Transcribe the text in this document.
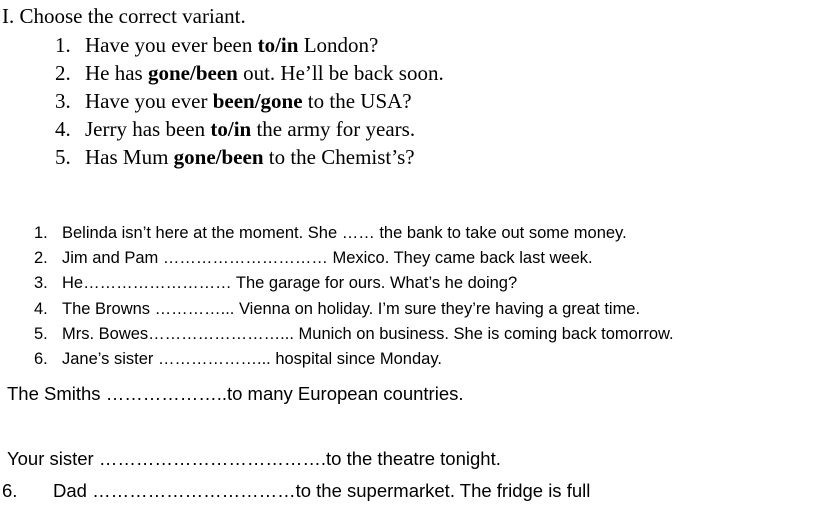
I. Choose the correct variant.
1. Have you ever been to/in London?
2. He has gone/been out. He’ll be back soon.
3. Have you ever been/gone to the USA?
4. Jerry has been to/in the army for years.
5. Has Mum gone/been to the Chemist’s?
1. Belinda isn’t here at the moment. She …… the bank to take out some money.
2. Jim and Pam ………………………… Mexico. They came back last week.
3. He……………………… The garage for ours. What’s he doing?
4. The Browns …………... Vienna on holiday. I’m sure they’re having a great time.
5. Mrs. Bowes……………………... Munich on business. She is coming back tomorrow.
6. Jane’s sister ………………... hospital since Monday.
The Smiths ………………..to many European countries.
Your sister ……………………………….to the theatre tonight.
6. Dad ……………………………to the supermarket. The fridge is full
